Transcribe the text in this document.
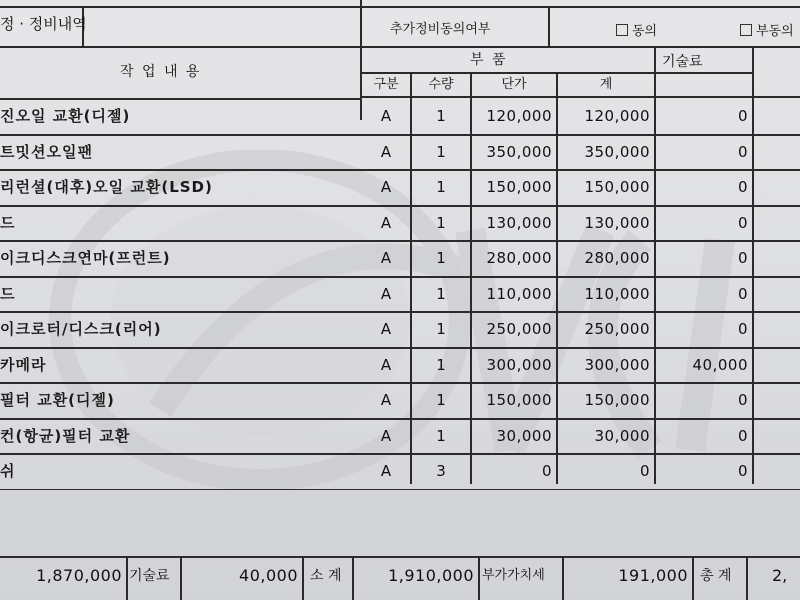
정 · 정비내역	추가정비동의여부	동의	부동의
작 업 내 용
부 품	기술료
구분	수량	단가	계
진오일 교환(디젤)	A	1	120,000	120,000	0
트밋션오일팬	A	1	350,000	350,000	0
리런셜(대후)오일 교환(LSD)	A	1	150,000	150,000	0
드	A	1	130,000	130,000	0
이크디스크연마(프런트)	A	1	280,000	280,000	0
드	A	1	110,000	110,000	0
이크로터/디스크(리어)	A	1	250,000	250,000	0
카메라	A	1	300,000	300,000	40,000
필터 교환(디젤)	A	1	150,000	150,000	0
컨(항균)필터 교환	A	1	30,000	30,000	0
쉬	A	3	0	0	0
1,870,000 기술료	40,000 소 계	1,910,000 부가가치세	191,000 총 계	2,
